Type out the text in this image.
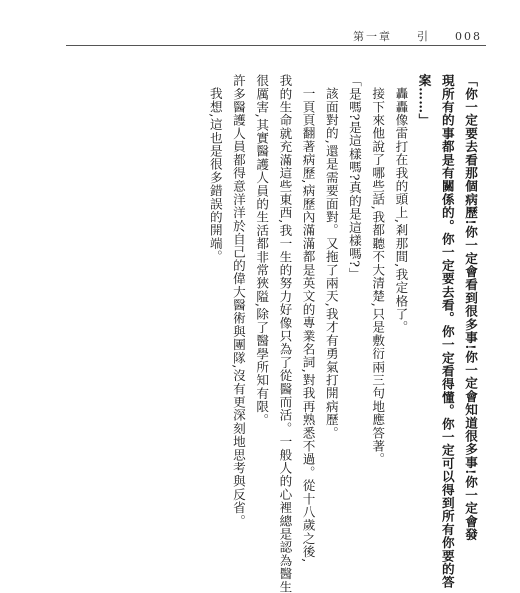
第一章 引 008
「你一定要去看那個病歷!你一定會看到很多事!你一定會知道很多事!你一定會發
現所有的事都是有關係的。你一定要去看。你一定看得懂。你一定可以得到所有你要的答
案……」
轟轟像雷打在我的頭上,剎那間,我定格了。
接下來他說了哪些話,我都聽不大清楚,只是敷衍兩三句地應答著。
「是嗎?是這樣嗎?真的是這樣嗎?」
該面對的,還是需要面對。又拖了兩天,我才有勇氣打開病歷。
一頁頁翻著病歷,病歷內滿滿都是英文的專業名詞,對我再熟悉不過。從十八歲之後,
我的生命就充滿這些東西,我一生的努力好像只為了從醫而活。一般人的心裡總是認為醫生
很厲害,其實醫護人員的生活都非常狹隘,除了醫學所知有限。
許多醫護人員都得意洋洋於自己的偉大醫術與團隊,沒有更深刻地思考與反省。
我想,這也是很多錯誤的開端。
